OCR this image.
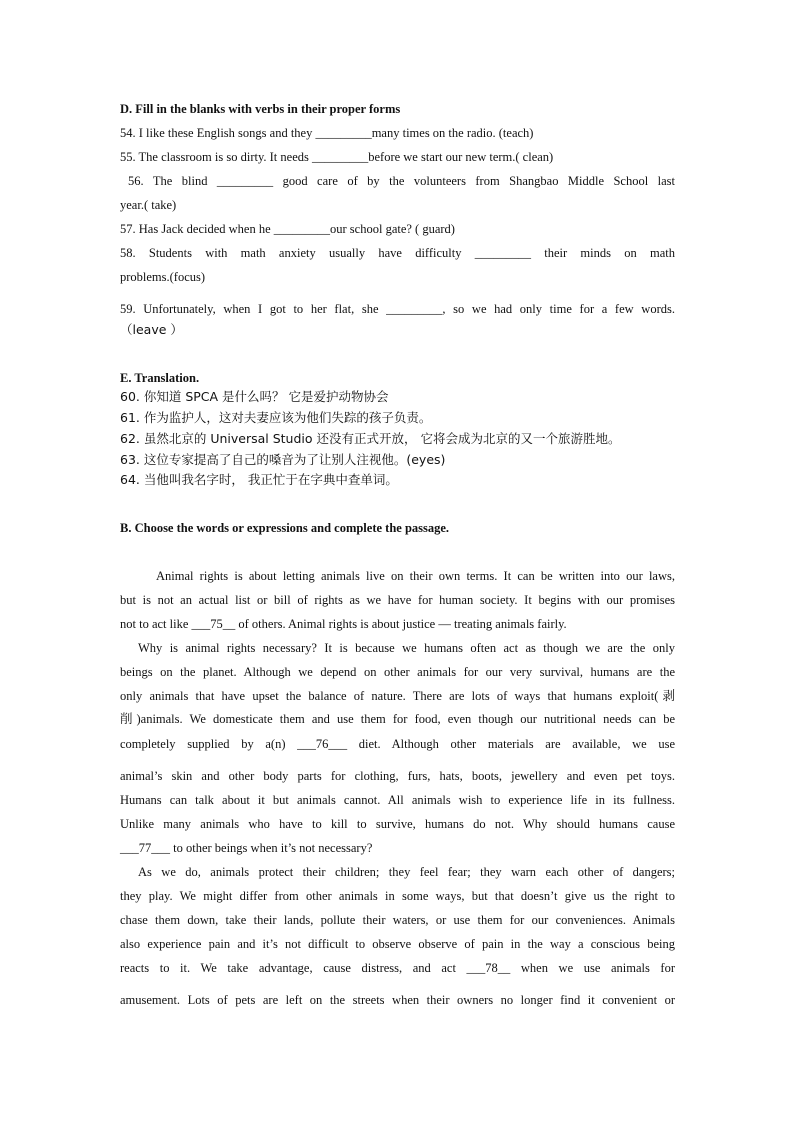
D. Fill in the blanks with verbs in their proper forms
54. I like these English songs and they _________many times on the radio. (teach)
55. The classroom is so dirty. It needs _________before we start our new term.( clean)
56. The blind _________ good care of by the volunteers from Shangbao Middle School last
year.( take)
57. Has Jack decided when he _________our school gate? ( guard)
58. Students with math anxiety usually have difficulty _________ their minds on math
problems.(focus)
59. Unfortunately, when I got to her flat, she _________, so we had only time for a few words.
（leave ）
E. Translation.
60. 你知道 SPCA 是什么吗？ 它是爱护动物协会
61. 作为监护人，这对夫妻应该为他们失踪的孩子负责。
62. 虽然北京的 Universal Studio 还没有正式开放， 它将会成为北京的又一个旅游胜地。
63. 这位专家提高了自己的嗓音为了让别人注视他。(eyes)
64. 当他叫我名字时， 我正忙于在字典中查单词。
B. Choose the words or expressions and complete the passage.
Animal rights is about letting animals live on their own terms. It can be written into our laws,
but is not an actual list or bill of rights as we have for human society. It begins with our promises
not to act like ___75__ of others. Animal rights is about justice — treating animals fairly.
Why is animal rights necessary? It is because we humans often act as though we are the only
beings on the planet. Although we depend on other animals for our very survival, humans are the
only animals that have upset the balance of nature. There are lots of ways that humans exploit(剥
削)animals. We domesticate them and use them for food, even though our nutritional needs can be
completely supplied by a(n) ___76___ diet. Although other materials are available, we use
animal’s skin and other body parts for clothing, furs, hats, boots, jewellery and even pet toys.
Humans can talk about it but animals cannot. All animals wish to experience life in its fullness.
Unlike many animals who have to kill to survive, humans do not. Why should humans cause
___77___ to other beings when it’s not necessary?
As we do, animals protect their children; they feel fear; they warn each other of dangers;
they play. We might differ from other animals in some ways, but that doesn’t give us the right to
chase them down, take their lands, pollute their waters, or use them for our conveniences. Animals
also experience pain and it’s not difficult to observe observe of pain in the way a conscious being
reacts to it. We take advantage, cause distress, and act ___78__ when we use animals for
amusement. Lots of pets are left on the streets when their owners no longer find it convenient or
